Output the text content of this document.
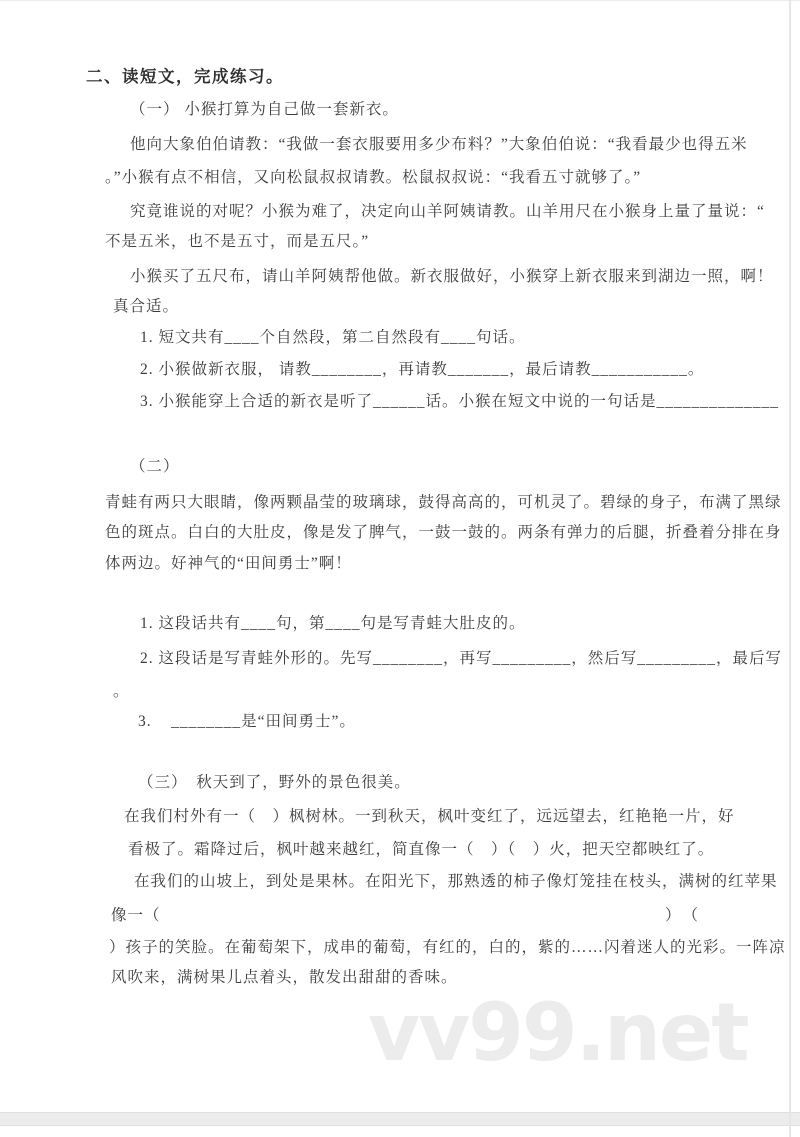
二、读短文，完成练习。
（一） 小猴打算为自己做一套新衣。
他向大象伯伯请教：“我做一套衣服要用多少布料？”大象伯伯说：“我看最少也得五米
。”小猴有点不相信，又向松鼠叔叔请教。松鼠叔叔说：“我看五寸就够了。”
究竟谁说的对呢？小猴为难了，决定向山羊阿姨请教。山羊用尺在小猴身上量了量说：“
不是五米，也不是五寸，而是五尺。”
小猴买了五尺布，请山羊阿姨帮他做。新衣服做好，小猴穿上新衣服来到湖边一照，啊！
真合适。
1. 短文共有____个自然段，第二自然段有____句话。
2. 小猴做新衣服， 请教________，再请教_______，最后请教___________。
3. 小猴能穿上合适的新衣是听了______话。小猴在短文中说的一句话是______________
（二）
青蛙有两只大眼睛，像两颗晶莹的玻璃球，鼓得高高的，可机灵了。碧绿的身子，布满了黑绿
色的斑点。白白的大肚皮，像是发了脾气，一鼓一鼓的。两条有弹力的后腿，折叠着分排在身
体两边。好神气的“田间勇士”啊！
1. 这段话共有____句，第____句是写青蛙大肚皮的。
2. 这段话是写青蛙外形的。先写________，再写_________，然后写_________，最后写
。
3.    ________是“田间勇士”。
（三）　秋天到了，野外的景色很美。
在我们村外有一（　）枫树林。一到秋天，枫叶变红了，远远望去，红艳艳一片，好
看极了。霜降过后，枫叶越来越红，简直像一（　）（　）火，把天空都映红了。
在我们的山坡上，到处是果林。在阳光下，那熟透的柿子像灯笼挂在枝头，满树的红苹果
像一（	）　（
）孩子的笑脸。在葡萄架下，成串的葡萄，有红的，白的，紫的……闪着迷人的光彩。一阵凉
风吹来，满树果儿点着头，散发出甜甜的香味。
vv99.net
